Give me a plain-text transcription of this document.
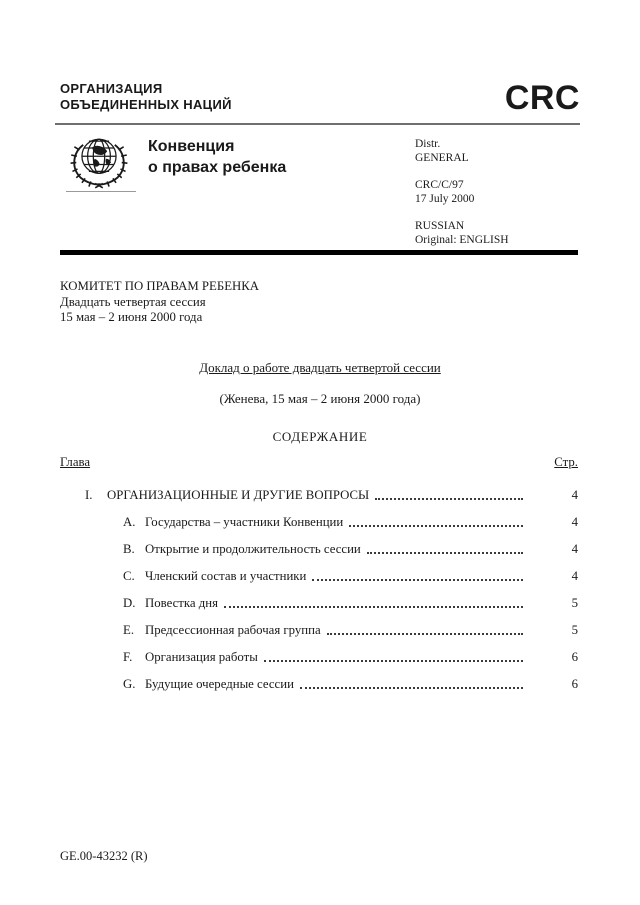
ОРГАНИЗАЦИЯ
ОБЪЕДИНЕННЫХ НАЦИЙ	CRC
Конвенция
о правах ребенка
Distr.
GENERAL
CRC/C/97
17 July 2000
RUSSIAN
Original: ENGLISH
КОМИТЕТ ПО ПРАВАМ РЕБЕНКА
Двадцать четвертая сессия
15 мая – 2 июня 2000 года
Доклад о работе двадцать четвертой сессии
(Женева, 15 мая – 2 июня 2000 года)
СОДЕРЖАНИЕ
Глава	Стр.
I.	ОРГАНИЗАЦИОННЫЕ И ДРУГИЕ ВОПРОСЫ	4
A. Государства – участники Конвенции	4
B. Открытие и продолжительность сессии	4
C. Членский состав и участники	4
D. Повестка дня	5
E. Предсессионная рабочая группа	5
F. Организация работы	6
G. Будущие очередные сессии	6
GE.00-43232 (R)
